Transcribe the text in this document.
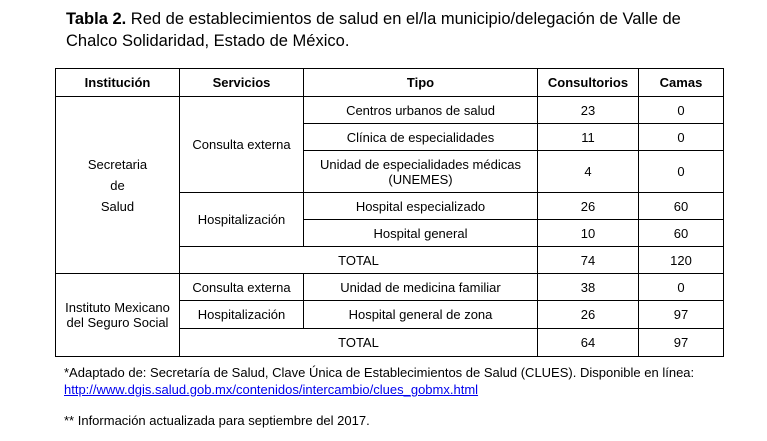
Tabla 2. Red de establecimientos de salud en el/la municipio/delegación de Valle de Chalco Solidaridad, Estado de México.
Institución	Servicios	Tipo	Consultorios	Camas

Secretaria
de
Salud	Consulta externa	Centros urbanos de salud	23	0
		Clínica de especialidades	11	0
		Unidad de especialidades médicas (UNEMES)	4	0
	Hospitalización	Hospital especializado	26	60
		Hospital general	10	60
	TOTAL		74	120
Instituto Mexicano del Seguro Social	Consulta externa	Unidad de medicina familiar	38	0
	Hospitalización	Hospital general de zona	26	97
	TOTAL		64	97
*Adaptado de: Secretaría de Salud, Clave Única de Establecimientos de Salud (CLUES). Disponible en línea:
http://www.dgis.salud.gob.mx/contenidos/intercambio/clues_gobmx.html
** Información actualizada para septiembre del 2017.
